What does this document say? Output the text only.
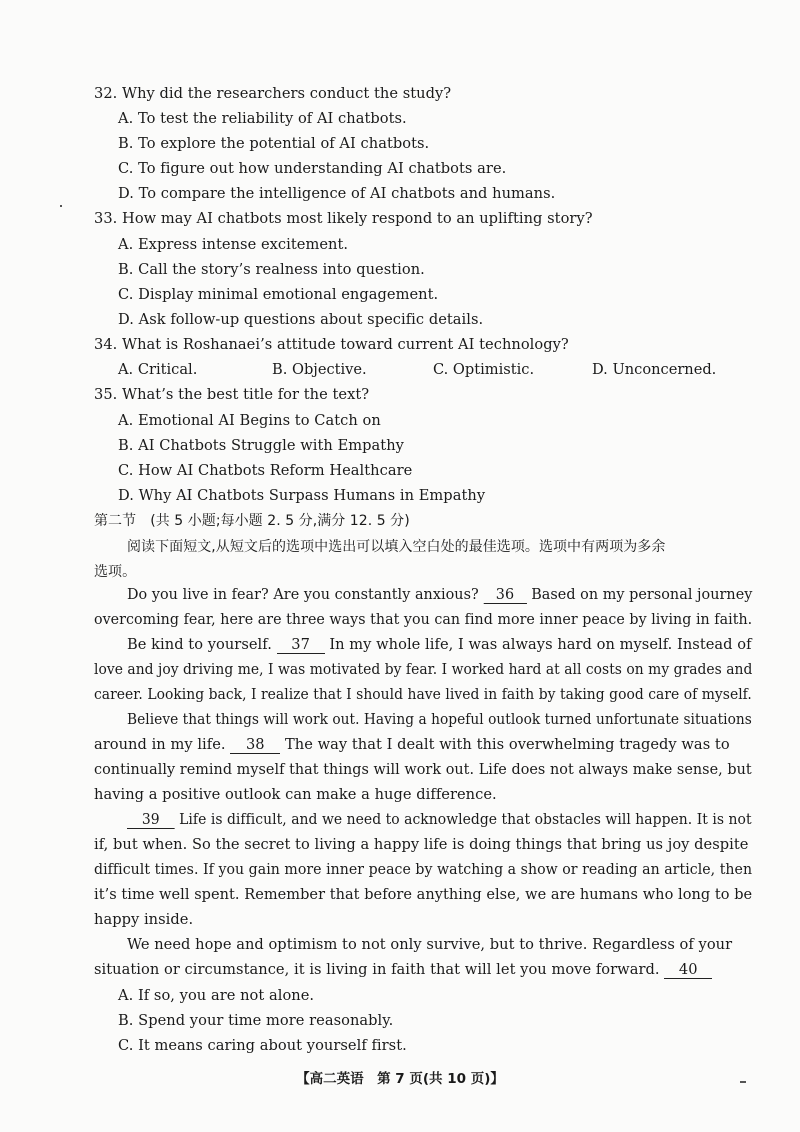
32. Why did the researchers conduct the study?
A. To test the reliability of AI chatbots.
B. To explore the potential of AI chatbots.
C. To figure out how understanding AI chatbots are.
D. To compare the intelligence of AI chatbots and humans.
33. How may AI chatbots most likely respond to an uplifting story?
A. Express intense excitement.
B. Call the story’s realness into question.
C. Display minimal emotional engagement.
D. Ask follow-up questions about specific details.
34. What is Roshanaei’s attitude toward current AI technology?
A. Critical.	B. Objective.	C. Optimistic.	D. Unconcerned.
35. What’s the best title for the text?
A. Emotional AI Begins to Catch on
B. AI Chatbots Struggle with Empathy
C. How AI Chatbots Reform Healthcare
D. Why AI Chatbots Surpass Humans in Empathy
第二节　(共 5 小题;每小题 2. 5 分,满分 12. 5 分)
阅读下面短文,从短文后的选项中选出可以填入空白处的最佳选项。选项中有两项为多余
选项。
Do you live in fear? Are you constantly anxious? 36 Based on my personal journey
overcoming fear, here are three ways that you can find more inner peace by living in faith.
Be kind to yourself. 37 In my whole life, I was always hard on myself. Instead of
love and joy driving me, I was motivated by fear. I worked hard at all costs on my grades and
career. Looking back, I realize that I should have lived in faith by taking good care of myself.
Believe that things will work out. Having a hopeful outlook turned unfortunate situations
around in my life. 38 The way that I dealt with this overwhelming tragedy was to
continually remind myself that things will work out. Life does not always make sense, but
having a positive outlook can make a huge difference.
39 Life is difficult, and we need to acknowledge that obstacles will happen. It is not
if, but when. So the secret to living a happy life is doing things that bring us joy despite
difficult times. If you gain more inner peace by watching a show or reading an article, then
it’s time well spent. Remember that before anything else, we are humans who long to be
happy inside.
We need hope and optimism to not only survive, but to thrive. Regardless of your
situation or circumstance, it is living in faith that will let you move forward. 40
A. If so, you are not alone.
B. Spend your time more reasonably.
C. It means caring about yourself first.
【高二英语　第 7 页(共 10 页)】
